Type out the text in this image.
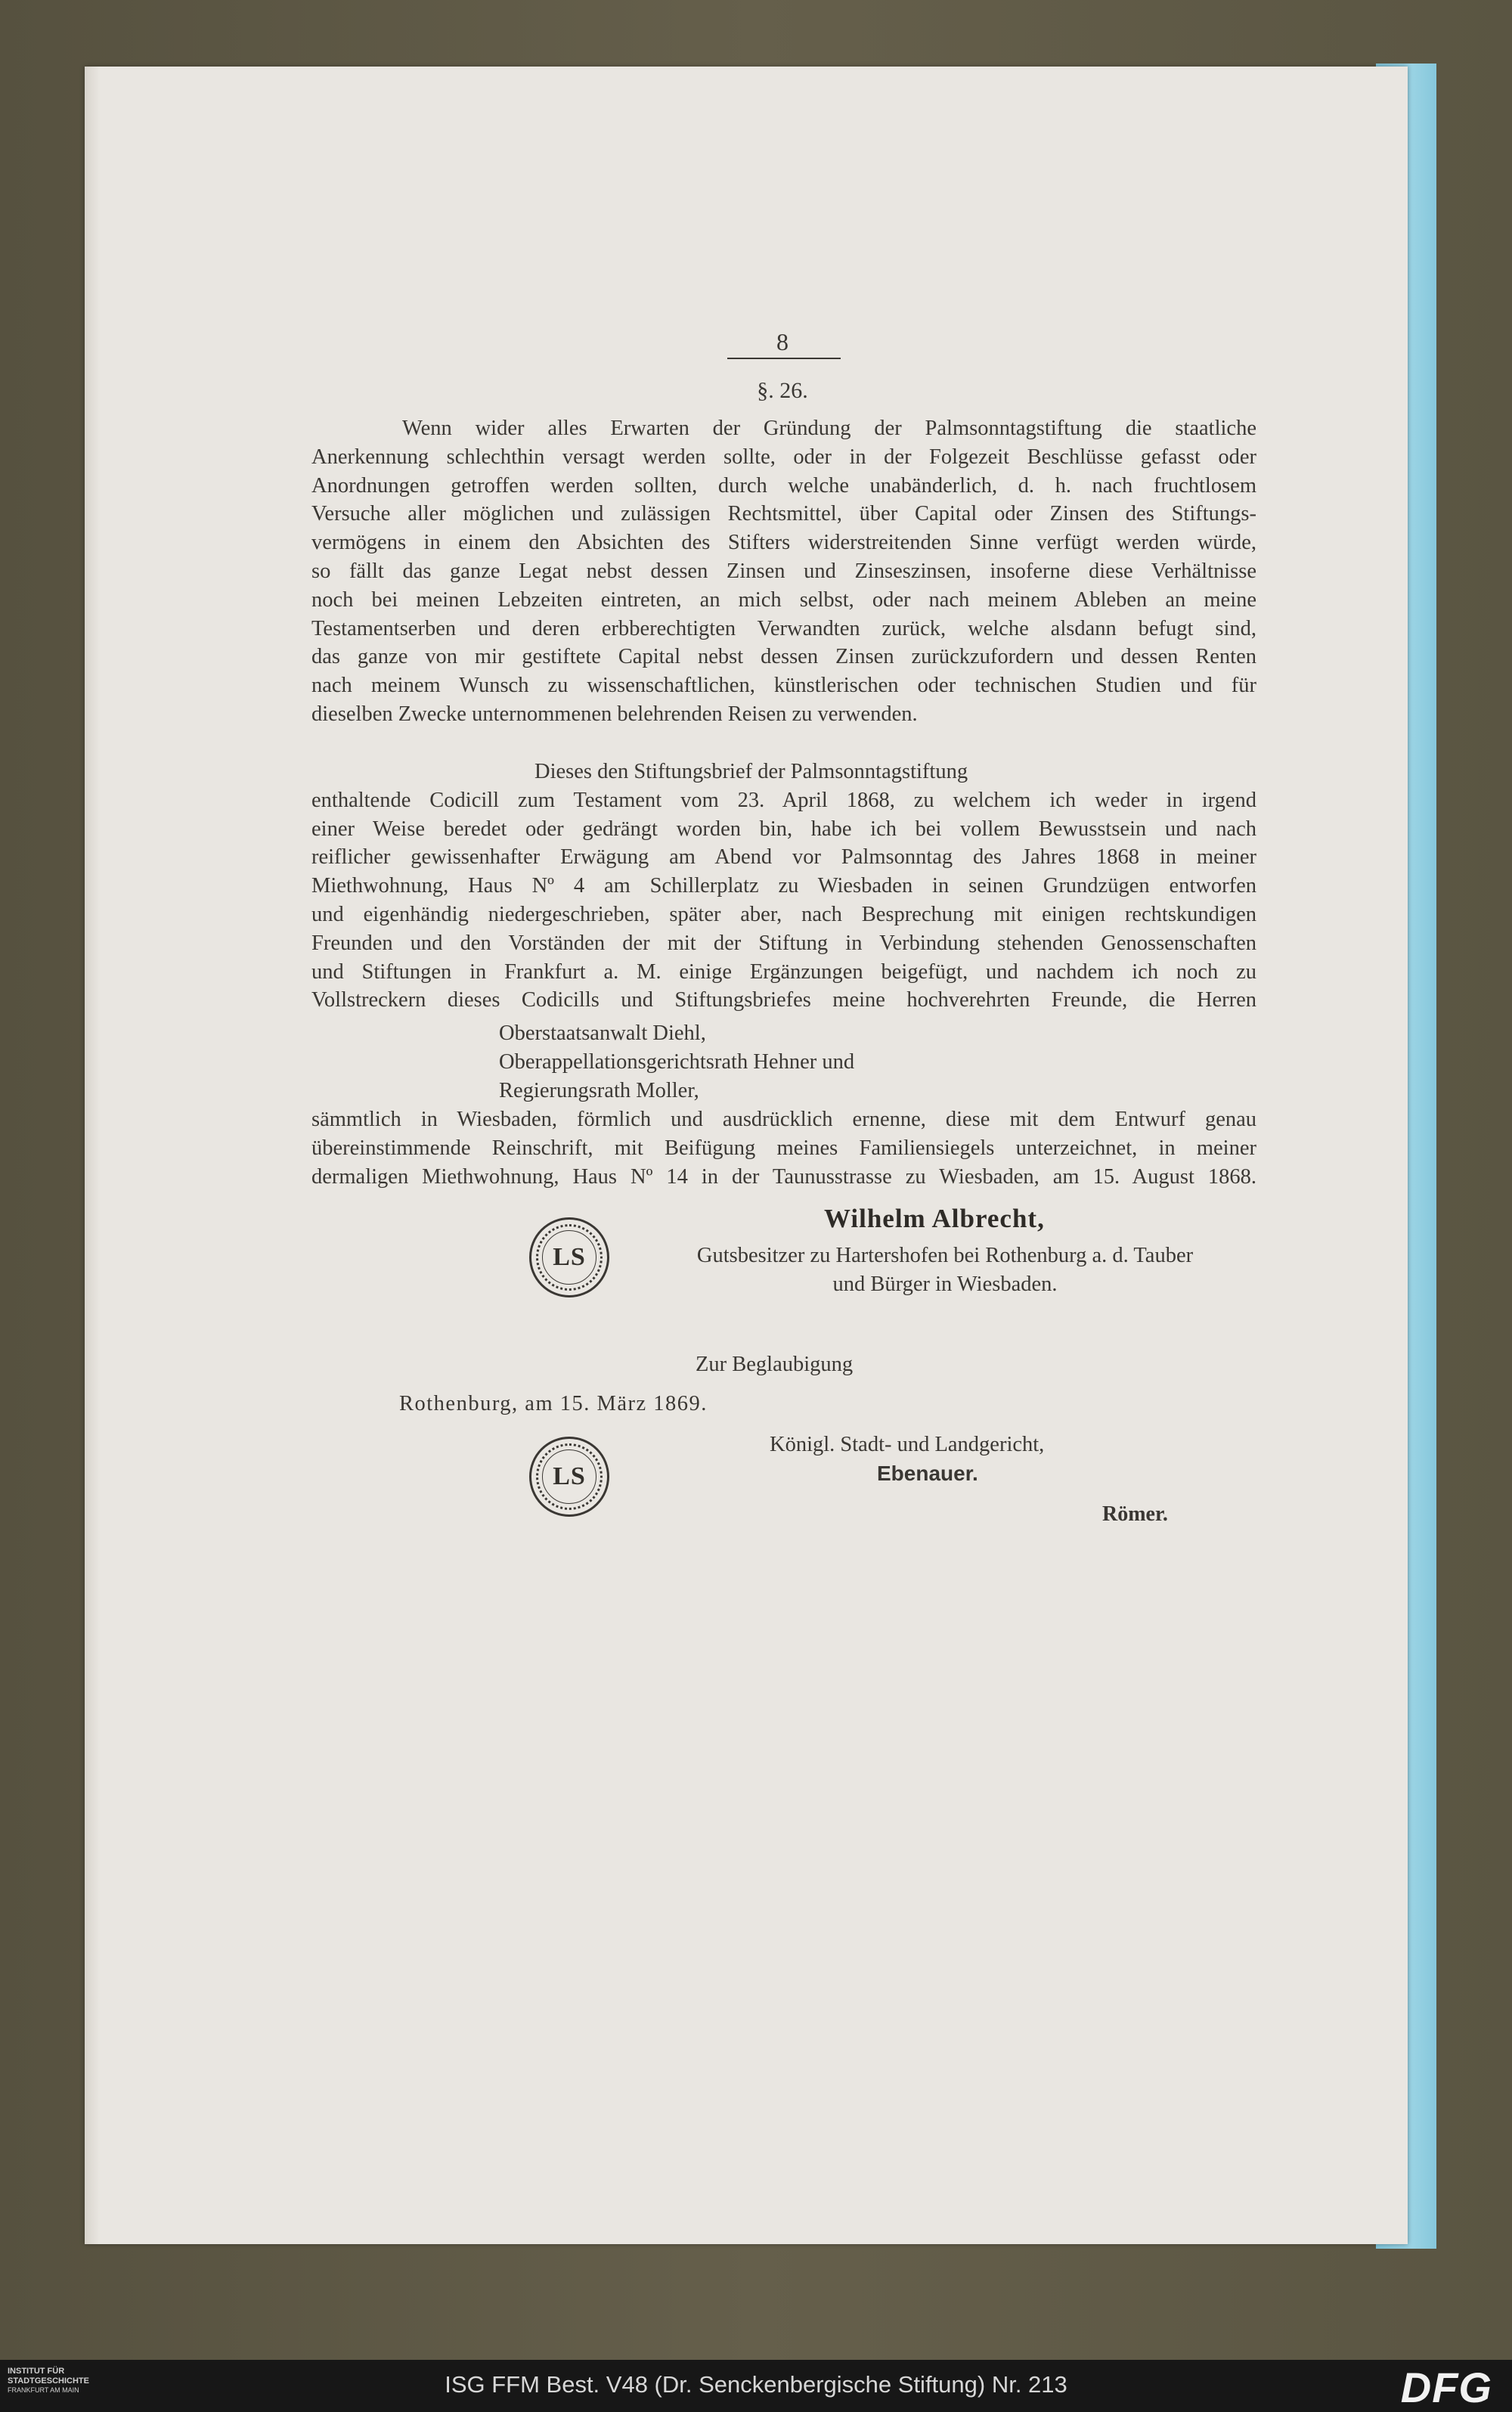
8
§. 26.
Wenn wider alles Erwarten der Gründung der Palmsonntagstiftung die staatliche
Anerkennung schlechthin versagt werden sollte, oder in der Folgezeit Beschlüsse gefasst oder
Anordnungen getroffen werden sollten, durch welche unabänderlich, d. h. nach fruchtlosem
Versuche aller möglichen und zulässigen Rechtsmittel, über Capital oder Zinsen des Stiftungs-
vermögens in einem den Absichten des Stifters widerstreitenden Sinne verfügt werden würde,
so fällt das ganze Legat nebst dessen Zinsen und Zinseszinsen, insoferne diese Verhältnisse
noch bei meinen Lebzeiten eintreten, an mich selbst, oder nach meinem Ableben an meine
Testamentserben und deren erbberechtigten Verwandten zurück, welche alsdann befugt sind,
das ganze von mir gestiftete Capital nebst dessen Zinsen zurückzufordern und dessen Renten
nach meinem Wunsch zu wissenschaftlichen, künstlerischen oder technischen Studien und für
dieselben Zwecke unternommenen belehrenden Reisen zu verwenden.
Dieses den Stiftungsbrief der Palmsonntagstiftung
enthaltende Codicill zum Testament vom 23. April 1868, zu welchem ich weder in irgend
einer Weise beredet oder gedrängt worden bin, habe ich bei vollem Bewusstsein und nach
reiflicher gewissenhafter Erwägung am Abend vor Palmsonntag des Jahres 1868 in meiner
Miethwohnung, Haus Nº 4 am Schillerplatz zu Wiesbaden in seinen Grundzügen entworfen
und eigenhändig niedergeschrieben, später aber, nach Besprechung mit einigen rechtskundigen
Freunden und den Vorständen der mit der Stiftung in Verbindung stehenden Genossenschaften
und Stiftungen in Frankfurt a. M. einige Ergänzungen beigefügt, und nachdem ich noch zu
Vollstreckern dieses Codicills und Stiftungsbriefes meine hochverehrten Freunde, die Herren
Oberstaatsanwalt Diehl,
Oberappellationsgerichtsrath Hehner und
Regierungsrath Moller,
sämmtlich in Wiesbaden, förmlich und ausdrücklich ernenne, diese mit dem Entwurf genau
übereinstimmende Reinschrift, mit Beifügung meines Familiensiegels unterzeichnet, in meiner
dermaligen Miethwohnung, Haus Nº 14 in der Taunusstrasse zu Wiesbaden, am 15. August 1868.
LS
Wilhelm Albrecht,
Gutsbesitzer zu Hartershofen bei Rothenburg a. d. Tauber
und Bürger in Wiesbaden.
Zur Beglaubigung
Rothenburg, am 15. März 1869.
LS
Königl. Stadt- und Landgericht,
Ebenauer.
Römer.
INSTITUT FÜR
STADTGESCHICHTE
FRANKFURT AM MAIN	ISG FFM Best. V48 (Dr. Senckenbergische Stiftung) Nr. 213	DFG
